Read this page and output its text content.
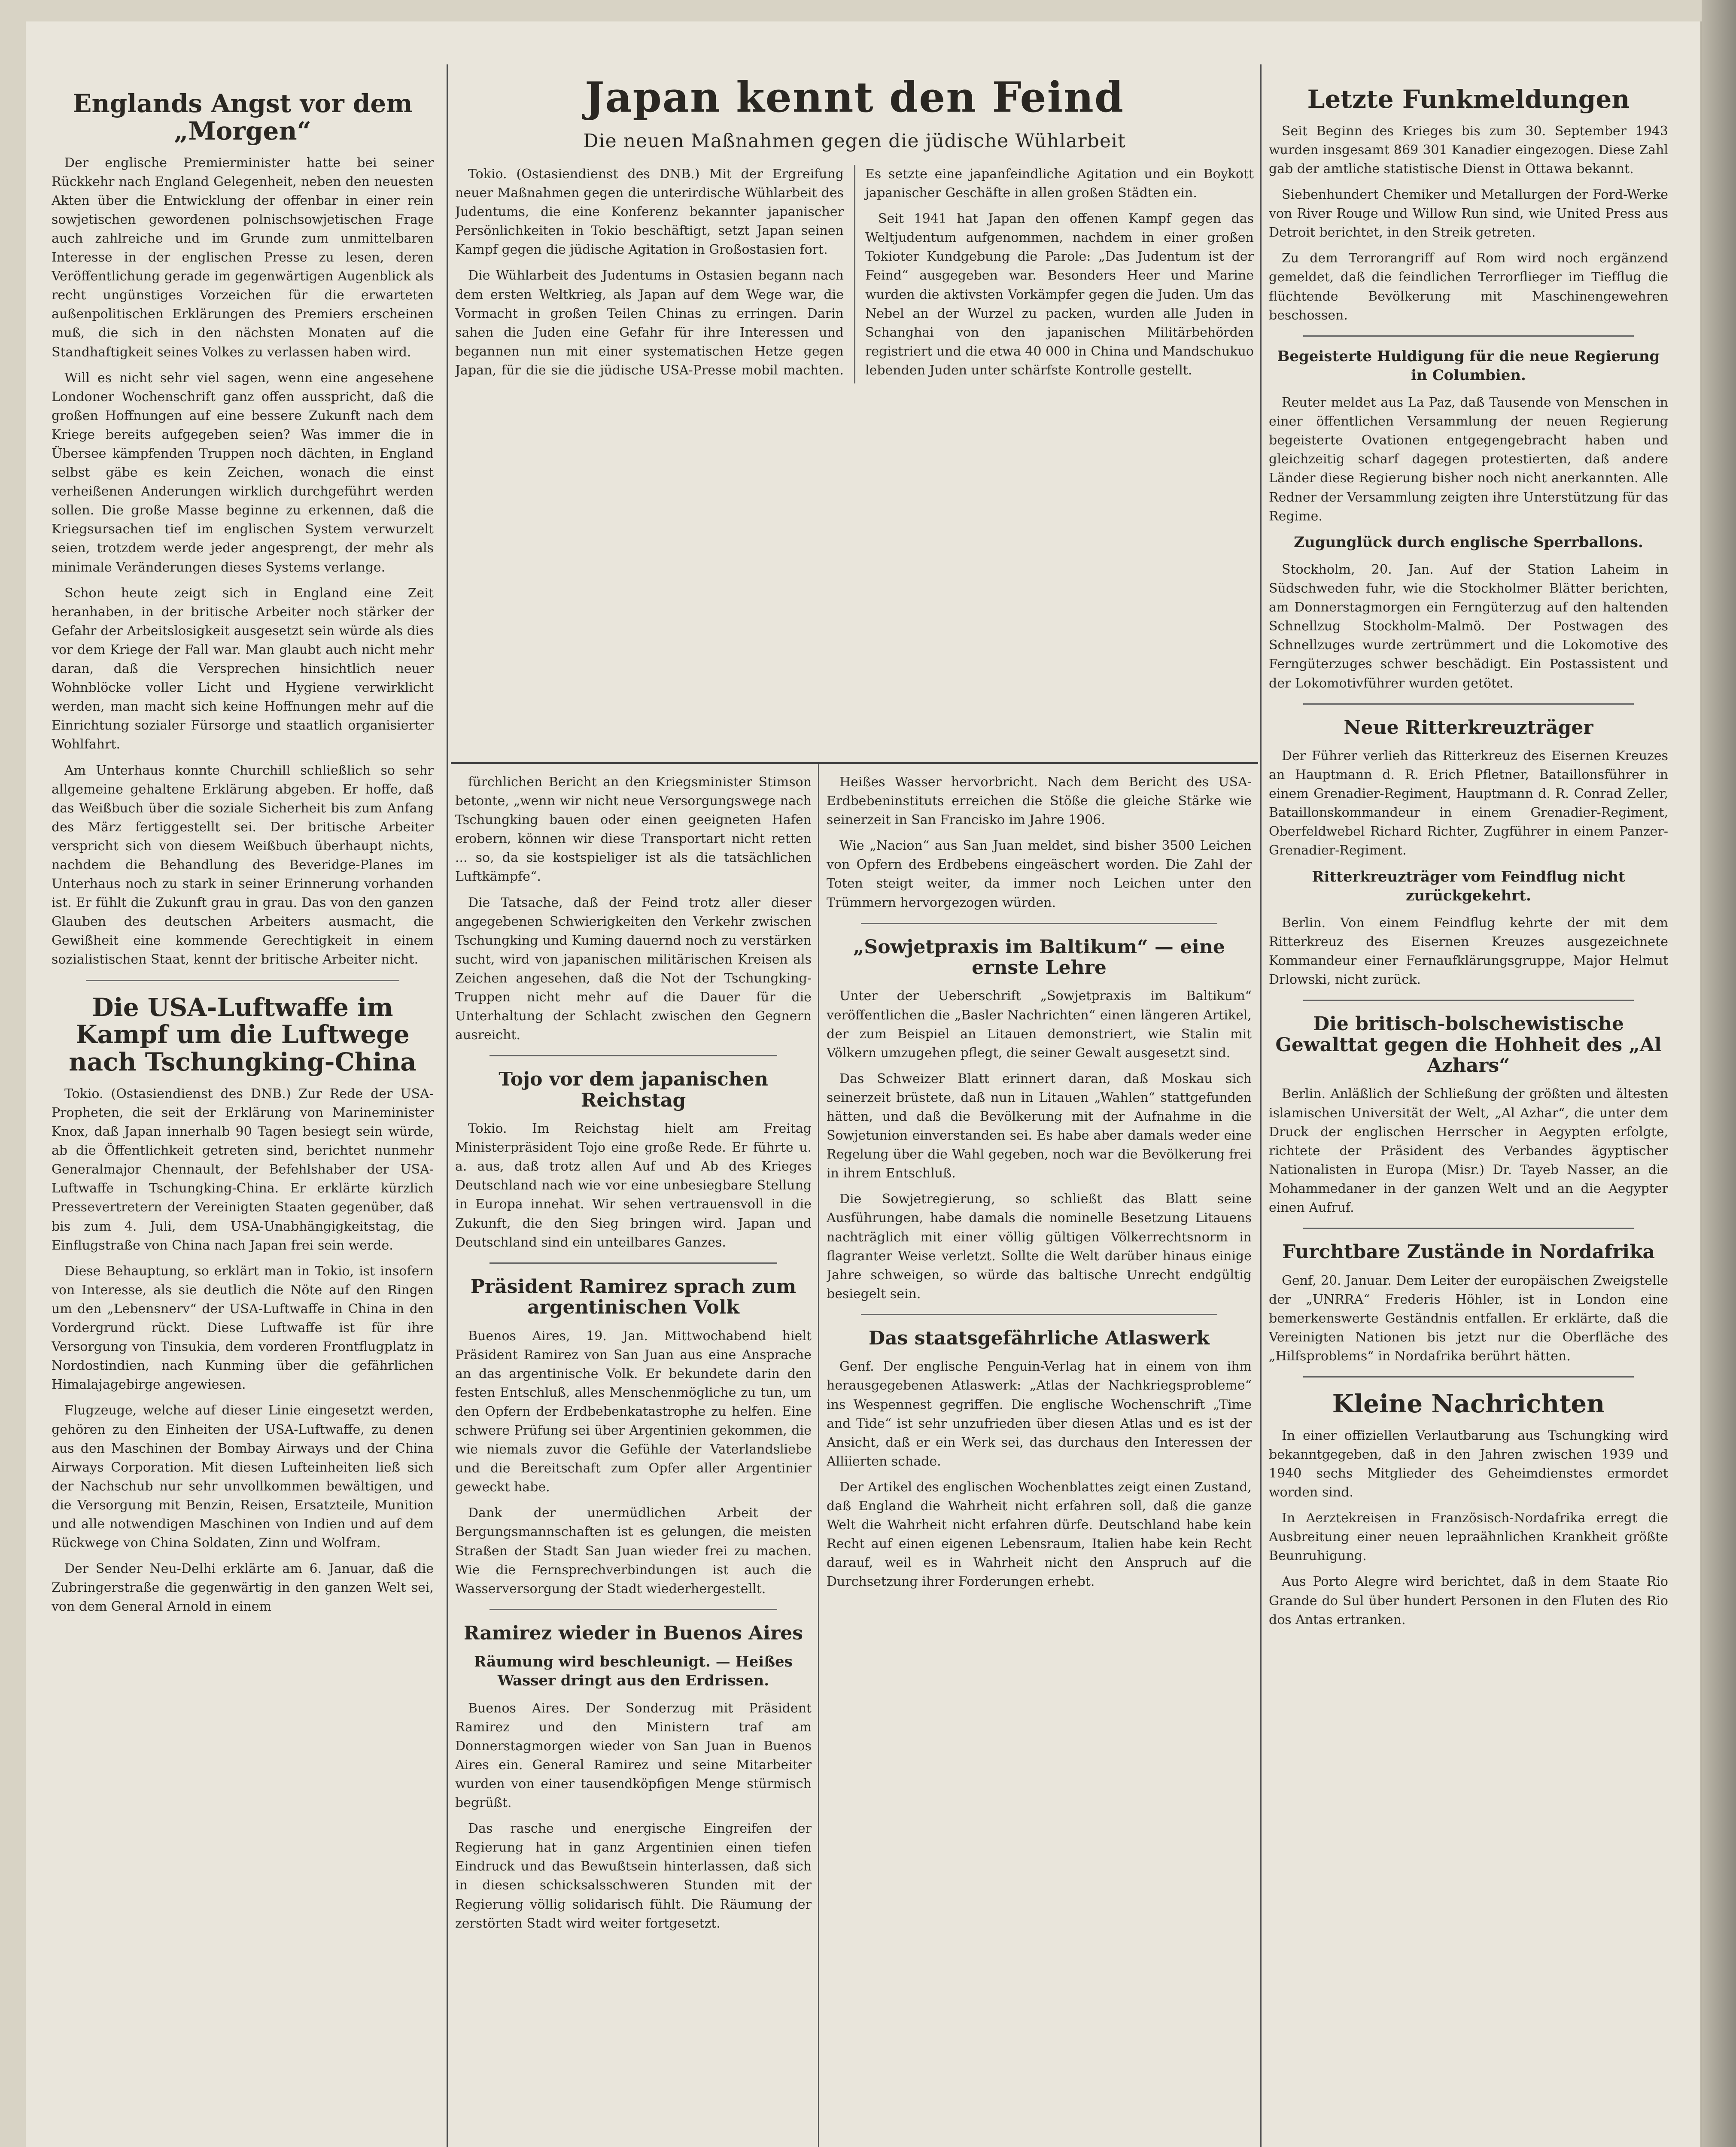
Englands Angst vor dem „Morgen“

Der englische Premierminister hatte bei seiner Rückkehr nach England Gelegenheit, neben den neuesten Akten über die Entwicklung der offenbar in einer rein sowjetischen gewordenen polnischsowjetischen Frage auch zahlreiche und im Grunde zum unmittelbaren Interesse in der englischen Presse zu lesen, deren Veröffentlichung gerade im gegenwärtigen Augenblick als recht ungünstiges Vorzeichen für die erwarteten außenpolitischen Erklärungen des Premiers erscheinen muß, die sich in den nächsten Monaten auf die Standhaftigkeit seines Volkes zu verlassen haben wird.

Will es nicht sehr viel sagen, wenn eine angesehene Londoner Wochenschrift ganz offen ausspricht, daß die großen Hoffnungen auf eine bessere Zukunft nach dem Kriege bereits aufgegeben seien? Was immer die in Übersee kämpfenden Truppen noch dächten, in England selbst gäbe es kein Zeichen, wonach die einst verheißenen Anderungen wirklich durchgeführt werden sollen. Die große Masse beginne zu erkennen, daß die Kriegsursachen tief im englischen System verwurzelt seien, trotzdem werde jeder angesprengt, der mehr als minimale Veränderungen dieses Systems verlange.

Schon heute zeigt sich in England eine Zeit heranhaben, in der britische Arbeiter noch stärker der Gefahr der Arbeitslosigkeit ausgesetzt sein würde als dies vor dem Kriege der Fall war. Man glaubt auch nicht mehr daran, daß die Versprechen hinsichtlich neuer Wohnblöcke voller Licht und Hygiene verwirklicht werden, man macht sich keine Hoffnungen mehr auf die Einrichtung sozialer Fürsorge und staatlich organisierter Wohlfahrt.

Am Unterhaus konnte Churchill schließlich so sehr allgemeine gehaltene Erklärung abgeben. Er hoffe, daß das Weißbuch über die soziale Sicherheit bis zum Anfang des März fertiggestellt sei. Der britische Arbeiter verspricht sich von diesem Weißbuch überhaupt nichts, nachdem die Behandlung des Beveridge-Planes im Unterhaus noch zu stark in seiner Erinnerung vorhanden ist. Er fühlt die Zukunft grau in grau. Das von den ganzen Glauben des deutschen Arbeiters ausmacht, die Gewißheit eine kommende Gerechtigkeit in einem sozialistischen Staat, kennt der britische Arbeiter nicht.

Die USA-Luftwaffe im Kampf um die Luftwege nach Tschungking-China

Tokio. (Ostasiendienst des DNB.) Zur Rede der USA-Propheten, die seit der Erklärung von Marineminister Knox, daß Japan innerhalb 90 Tagen besiegt sein würde, ab die Öffentlichkeit getreten sind, berichtet nunmehr Generalmajor Chennault, der Befehlshaber der USA-Luftwaffe in Tschungking-China. Er erklärte kürzlich Pressevertretern der Vereinigten Staaten gegenüber, daß bis zum 4. Juli, dem USA-Unabhängigkeitstag, die Einflugstraße von China nach Japan frei sein werde.

Diese Behauptung, so erklärt man in Tokio, ist insofern von Interesse, als sie deutlich die Nöte auf den Ringen um den „Lebensnerv“ der USA-Luftwaffe in China in den Vordergrund rückt. Diese Luftwaffe ist für ihre Versorgung von Tinsukia, dem vorderen Frontflugplatz in Nordostindien, nach Kunming über die gefährlichen Himalajagebirge angewiesen.

Flugzeuge, welche auf dieser Linie eingesetzt werden, gehören zu den Einheiten der USA-Luftwaffe, zu denen aus den Maschinen der Bombay Airways und der China Airways Corporation. Mit diesen Lufteinheiten ließ sich der Nachschub nur sehr unvollkommen bewältigen, und die Versorgung mit Benzin, Reisen, Ersatzteile, Munition und alle notwendigen Maschinen von Indien und auf dem Rückwege von China Soldaten, Zinn und Wolfram.

Der Sender Neu-Delhi erklärte am 6. Januar, daß die Zubringerstraße die gegenwärtig in den ganzen Welt sei, von dem General Arnold in einem

Japan kennt den Feind
Die neuen Maßnahmen gegen die jüdische Wühlarbeit

Tokio. (Ostasiendienst des DNB.) Mit der Ergreifung neuer Maßnahmen gegen die unterirdische Wühlarbeit des Judentums, die eine Konferenz bekannter japanischer Persönlichkeiten in Tokio beschäftigt, setzt Japan seinen Kampf gegen die jüdische Agitation in Großostasien fort.

Die Wühlarbeit des Judentums in Ostasien begann nach dem ersten Weltkrieg, als Japan auf dem Wege war, die Vormacht in großen Teilen Chinas zu erringen. Darin sahen die Juden eine Gefahr für ihre Interessen und begannen nun mit einer systematischen Hetze gegen Japan, für die sie die jüdische USA-Presse mobil machten. Es setzte eine japanfeindliche Agitation und ein Boykott japanischer Geschäfte in allen großen Städten ein.

Seit 1941 hat Japan den offenen Kampf gegen das Weltjudentum aufgenommen, nachdem in einer großen Tokioter Kundgebung die Parole: „Das Judentum ist der Feind“ ausgegeben war. Besonders Heer und Marine wurden die aktivsten Vorkämpfer gegen die Juden. Um das Nebel an der Wurzel zu packen, wurden alle Juden in Schanghai von den japanischen Militärbehörden registriert und die etwa 40 000 in China und Mandschukuo lebenden Juden unter schärfste Kontrolle gestellt.

fürchlichen Bericht an den Kriegsminister Stimson betonte, „wenn wir nicht neue Versorgungswege nach Tschungking bauen oder einen geeigneten Hafen erobern, können wir diese Transportart nicht retten ... so, da sie kostspieliger ist als die tatsächlichen Luftkämpfe“.

Die Tatsache, daß der Feind trotz aller dieser angegebenen Schwierigkeiten den Verkehr zwischen Tschungking und Kuming dauernd noch zu verstärken sucht, wird von japanischen militärischen Kreisen als Zeichen angesehen, daß die Not der Tschungking-Truppen nicht mehr auf die Dauer für die Unterhaltung der Schlacht zwischen den Gegnern ausreicht.

Tojo vor dem japanischen Reichstag

Tokio. Im Reichstag hielt am Freitag Ministerpräsident Tojo eine große Rede. Er führte u. a. aus, daß trotz allen Auf und Ab des Krieges Deutschland nach wie vor eine unbesiegbare Stellung in Europa innehat. Wir sehen vertrauensvoll in die Zukunft, die den Sieg bringen wird. Japan und Deutschland sind ein unteilbares Ganzes.

Präsident Ramirez sprach zum argentinischen Volk

Buenos Aires, 19. Jan. Mittwochabend hielt Präsident Ramirez von San Juan aus eine Ansprache an das argentinische Volk. Er bekundete darin den festen Entschluß, alles Menschenmögliche zu tun, um den Opfern der Erdbebenkatastrophe zu helfen. Eine schwere Prüfung sei über Argentinien gekommen, die wie niemals zuvor die Gefühle der Vaterlandsliebe und die Bereitschaft zum Opfer aller Argentinier geweckt habe.

Dank der unermüdlichen Arbeit der Bergungsmannschaften ist es gelungen, die meisten Straßen der Stadt San Juan wieder frei zu machen. Wie die Fernsprechverbindungen ist auch die Wasserversorgung der Stadt wiederhergestellt.

Ramirez wieder in Buenos Aires
Räumung wird beschleunigt. — Heißes Wasser dringt aus den Erdrissen.

Buenos Aires. Der Sonderzug mit Präsident Ramirez und den Ministern traf am Donnerstagmorgen wieder von San Juan in Buenos Aires ein. General Ramirez und seine Mitarbeiter wurden von einer tausendköpfigen Menge stürmisch begrüßt.

Das rasche und energische Eingreifen der Regierung hat in ganz Argentinien einen tiefen Eindruck und das Bewußtsein hinterlassen, daß sich in diesen schicksalsschweren Stunden mit der Regierung völlig solidarisch fühlt. Die Räumung der zerstörten Stadt wird weiter fortgesetzt.

Heißes Wasser hervorbricht. Nach dem Bericht des USA-Erdbebeninstituts erreichen die Stöße die gleiche Stärke wie seinerzeit in San Francisko im Jahre 1906.

Wie „Nacion“ aus San Juan meldet, sind bisher 3500 Leichen von Opfern des Erdbebens eingeäschert worden. Die Zahl der Toten steigt weiter, da immer noch Leichen unter den Trümmern hervorgezogen würden.

„Sowjetpraxis im Baltikum“ — eine ernste Lehre

Unter der Ueberschrift „Sowjetpraxis im Baltikum“ veröffentlichen die „Basler Nachrichten“ einen längeren Artikel, der zum Beispiel an Litauen demonstriert, wie Stalin mit Völkern umzugehen pflegt, die seiner Gewalt ausgesetzt sind.

Das Schweizer Blatt erinnert daran, daß Moskau sich seinerzeit brüstete, daß nun in Litauen „Wahlen“ stattgefunden hätten, und daß die Bevölkerung mit der Aufnahme in die Sowjetunion einverstanden sei. Es habe aber damals weder eine Regelung über die Wahl gegeben, noch war die Bevölkerung frei in ihrem Entschluß.

Die Sowjetregierung, so schließt das Blatt seine Ausführungen, habe damals die nominelle Besetzung Litauens nachträglich mit einer völlig gültigen Völkerrechtsnorm in flagranter Weise verletzt. Sollte die Welt darüber hinaus einige Jahre schweigen, so würde das baltische Unrecht endgültig besiegelt sein.

Das staatsgefährliche Atlaswerk

Genf. Der englische Penguin-Verlag hat in einem von ihm herausgegebenen Atlaswerk: „Atlas der Nachkriegsprobleme“ ins Wespennest gegriffen. Die englische Wochenschrift „Time and Tide“ ist sehr unzufrieden über diesen Atlas und es ist der Ansicht, daß er ein Werk sei, das durchaus den Interessen der Alliierten schade.

Der Artikel des englischen Wochenblattes zeigt einen Zustand, daß England die Wahrheit nicht erfahren soll, daß die ganze Welt die Wahrheit nicht erfahren dürfe. Deutschland habe kein Recht auf einen eigenen Lebensraum, Italien habe kein Recht darauf, weil es in Wahrheit nicht den Anspruch auf die Durchsetzung ihrer Forderungen erhebt.

Letzte Funkmeldungen

Seit Beginn des Krieges bis zum 30. September 1943 wurden insgesamt 869 301 Kanadier eingezogen. Diese Zahl gab der amtliche statistische Dienst in Ottawa bekannt.

Siebenhundert Chemiker und Metallurgen der Ford-Werke von River Rouge und Willow Run sind, wie United Press aus Detroit berichtet, in den Streik getreten.

Zu dem Terrorangriff auf Rom wird noch ergänzend gemeldet, daß die feindlichen Terrorflieger im Tiefflug die flüchtende Bevölkerung mit Maschinengewehren beschossen.

Begeisterte Huldigung für die neue Regierung in Columbien.

Reuter meldet aus La Paz, daß Tausende von Menschen in einer öffentlichen Versammlung der neuen Regierung begeisterte Ovationen entgegengebracht haben und gleichzeitig scharf dagegen protestierten, daß andere Länder diese Regierung bisher noch nicht anerkannten. Alle Redner der Versammlung zeigten ihre Unterstützung für das Regime.

Zugunglück durch englische Sperrballons.

Stockholm, 20. Jan. Auf der Station Laheim in Südschweden fuhr, wie die Stockholmer Blätter berichten, am Donnerstagmorgen ein Ferngüterzug auf den haltenden Schnellzug Stockholm-Malmö. Der Postwagen des Schnellzuges wurde zertrümmert und die Lokomotive des Ferngüterzuges schwer beschädigt. Ein Postassistent und der Lokomotivführer wurden getötet.

Neue Ritterkreuzträger

Der Führer verlieh das Ritterkreuz des Eisernen Kreuzes an Hauptmann d. R. Erich Pfletner, Bataillonsführer in einem Grenadier-Regiment, Hauptmann d. R. Conrad Zeller, Bataillonskommandeur in einem Grenadier-Regiment, Oberfeldwebel Richard Richter, Zugführer in einem Panzer-Grenadier-Regiment.

Ritterkreuzträger vom Feindflug nicht zurückgekehrt.

Berlin. Von einem Feindflug kehrte der mit dem Ritterkreuz des Eisernen Kreuzes ausgezeichnete Kommandeur einer Fernaufklärungsgruppe, Major Helmut Drlowski, nicht zurück.

Die britisch-bolschewistische Gewalttat gegen die Hohheit des „Al Azhars“

Berlin. Anläßlich der Schließung der größten und ältesten islamischen Universität der Welt, „Al Azhar“, die unter dem Druck der englischen Herrscher in Aegypten erfolgte, richtete der Präsident des Verbandes ägyptischer Nationalisten in Europa (Misr.) Dr. Tayeb Nasser, an die Mohammedaner in der ganzen Welt und an die Aegypter einen Aufruf.

Furchtbare Zustände in Nordafrika

Genf, 20. Januar. Dem Leiter der europäischen Zweigstelle der „UNRRA“ Frederis Höhler, ist in London eine bemerkenswerte Geständnis entfallen. Er erklärte, daß die Vereinigten Nationen bis jetzt nur die Oberfläche des „Hilfsproblems“ in Nordafrika berührt hätten.

Kleine Nachrichten

In einer offiziellen Verlautbarung aus Tschungking wird bekanntgegeben, daß in den Jahren zwischen 1939 und 1940 sechs Mitglieder des Geheimdienstes ermordet worden sind.

In Aerztekreisen in Französisch-Nordafrika erregt die Ausbreitung einer neuen lepraähnlichen Krankheit größte Beunruhigung.

Aus Porto Alegre wird berichtet, daß in dem Staate Rio Grande do Sul über hundert Personen in den Fluten des Rio dos Antas ertranken.
